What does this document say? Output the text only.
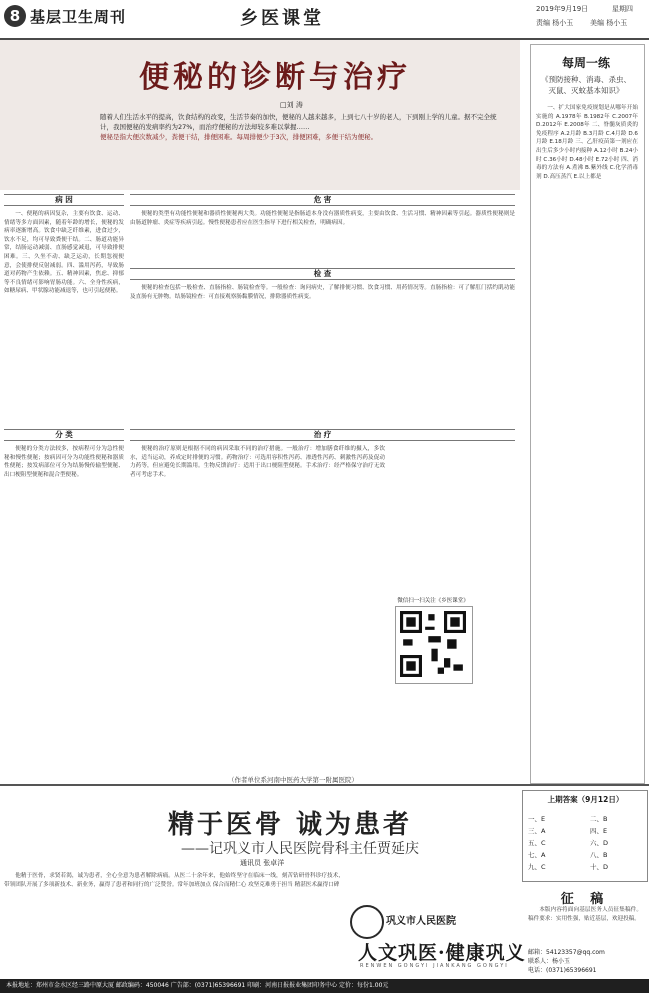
8 基层卫生周刊	乡医课堂	2019年9月19日	星期四
责编 杨小玉 美编 杨小玉
便秘的诊断与治疗
□刘 涛
随着人们生活水平的提高，饮食结构的改变，生活节奏的加快，便秘的人越来越多，上到七八十岁的老人，下到刚上学的儿童。据不完全统计，我国便秘的发病率约为27%，而治疗便秘的方法却较多难以掌握……
便秘是指大便次数减少，粪便干结，排便困难。每周排便少于3次，排便困难，多便干结为便秘。
病 因	危 害
检 查
分 类	治 疗

一、便秘的病因复杂，主要有饮食、运动、情绪等多方面因素，随着年龄的增长，便秘的发病率逐渐增高。饮食中缺乏纤维素，进食过少，饮水不足，均可导致粪便干结。二、肠道功能异常，结肠运动减弱、直肠感觉减退，可导致排便困难。三、久坐不动、缺乏运动，长期忽视便意，会使排便反射减弱。四、滥用泻药，导致肠道对药物产生依赖。五、精神因素，焦虑、抑郁等不良情绪可影响胃肠功能。六、全身性疾病，如糖尿病、甲状腺功能减退等，也可引起便秘。

便秘的类型有功能性便秘和器质性便秘两大类。功能性便秘是指肠道本身没有器质性病变，主要由饮食、生活习惯、精神因素等引起。器质性便秘则是由肠道肿瘤、炎症等疾病引起。慢性便秘患者应在医生指导下进行相关检查，明确病因。

便秘的检查包括一般检查、直肠指检、肠镜检查等。一般检查：询问病史，了解排便习惯、饮食习惯、用药情况等。直肠指检：可了解肛门括约肌功能及直肠有无肿物。结肠镜检查：可直接观察肠黏膜情况，排除器质性病变。

便秘的分类方法较多，按病程可分为急性便秘和慢性便秘；按病因可分为功能性便秘和器质性便秘；按发病部位可分为结肠慢传输型便秘、出口梗阻型便秘和混合型便秘。

便秘的治疗原则是根据不同的病因采取不同的治疗措施。一般治疗：增加膳食纤维的摄入，多饮水，适当运动，养成定时排便的习惯。药物治疗：可选用容积性泻药、渗透性泻药、刺激性泻药及促动力药等，但应避免长期滥用。生物反馈治疗：适用于出口梗阻型便秘。手术治疗：经严格保守治疗无效者可考虑手术。

微信扫一扫关注《乡医课堂》
（作者单位系河南中医药大学第一附属医院）
每周一练
《预防接种、消毒、杀虫、灭鼠、灭蚊基本知识》

一、扩大国家免疫规划是从哪年开始实施的 A.1978年 B.1982年 C.2007年 D.2012年 E.2008年 二、脊髓灰质炎的免疫程序 A.2月龄 B.3月龄 C.4月龄 D.6月龄 E.18月龄 三、乙肝疫苗第一剂应在出生后多少小时内接种 A.12小时 B.24小时 C.36小时 D.48小时 E.72小时 四、消毒的方法有 A.煮沸 B.紫外线 C.化学消毒剂 D.高压蒸汽 E.以上都是

精于医骨 诚为患者
——记巩义市人民医院骨科主任贾延庆
通讯员 张卓洋

他精于医骨，求贤若渴，诚为患者，全心全意为患者解除病痛。从医二十余年来，他始终坚守在临床一线，刻苦钻研骨科诊疗技术，带领团队开展了多项新技术、新业务，赢得了患者和同行的广泛赞誉。常年加班加点 保合而精仁心 攻坚克难勇于担当 精湛医术赢得口碑

上期答案（9月12日）
一、E	二、B
三、A	四、E
五、C	六、D
七、A	八、B
九、C	十、D
征 稿

本版内容将面向基层医务人员征集稿件。稿件要求：实用性强，贴近基层，欢迎投稿。

邮箱：54123357@qq.com
联系人：杨小玉
电话：(0371)65396691
巩义市人民医院
人文巩医·健康巩义
RENWEN GONGYI JIANKANG GONGYI
本报地址：郑州市金水区经三路中原大厦 邮政编码：450046 广告部：(0371)65396691 印刷：河南日报报业集团印务中心 定价：每份1.00元
